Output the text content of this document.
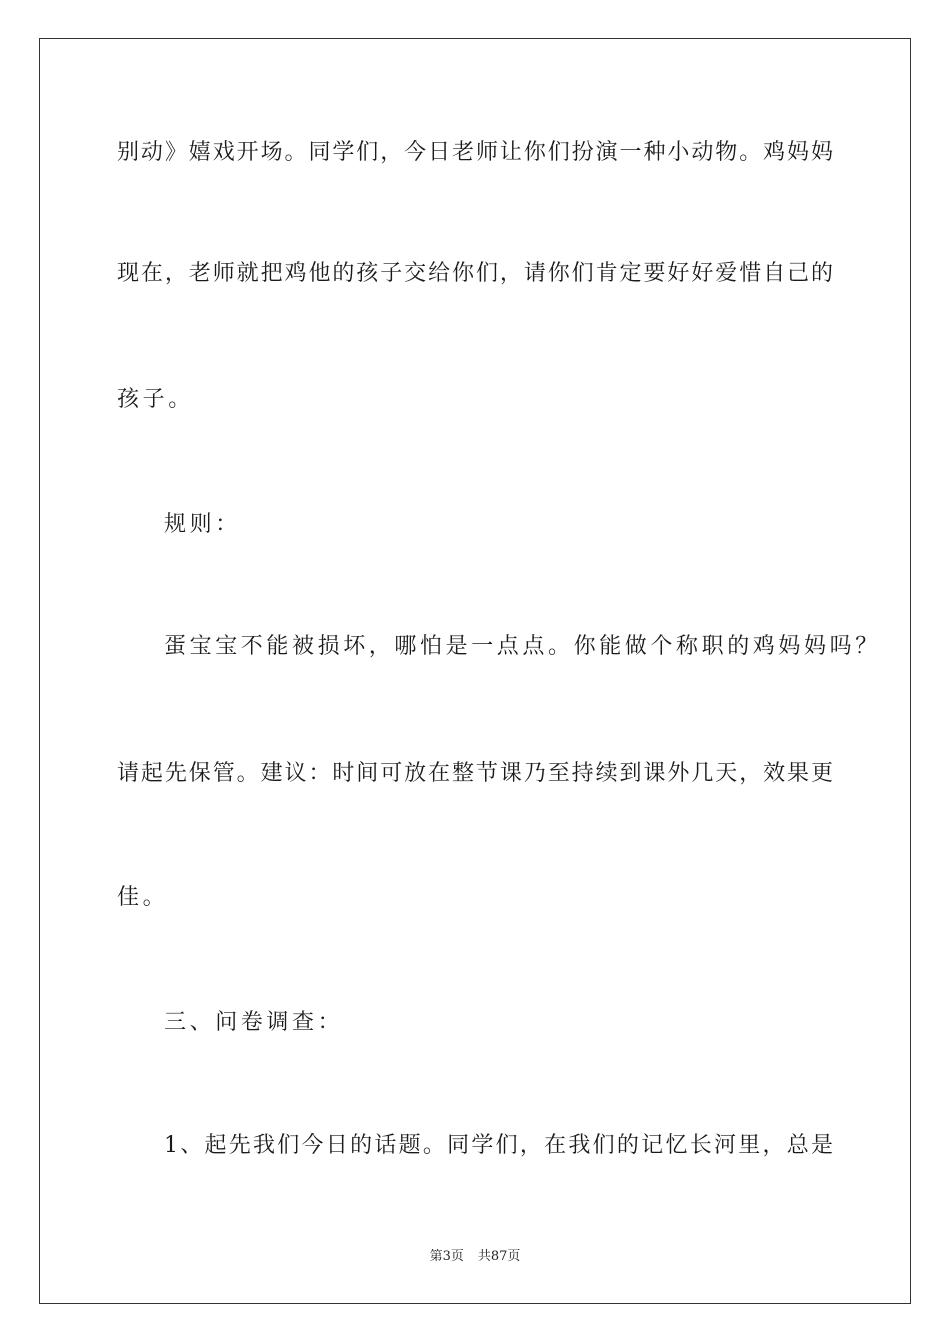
别动》嬉戏开场。同学们，今日老师让你们扮演一种小动物。鸡妈妈
现在，老师就把鸡他的孩子交给你们，请你们肯定要好好爱惜自己的
孩子。
规则：
蛋宝宝不能被损坏，哪怕是一点点。你能做个称职的鸡妈妈吗？
请起先保管。建议：时间可放在整节课乃至持续到课外几天，效果更
佳。
三、问卷调查：
1、起先我们今日的话题。同学们，在我们的记忆长河里，总是
第3页 共87页
